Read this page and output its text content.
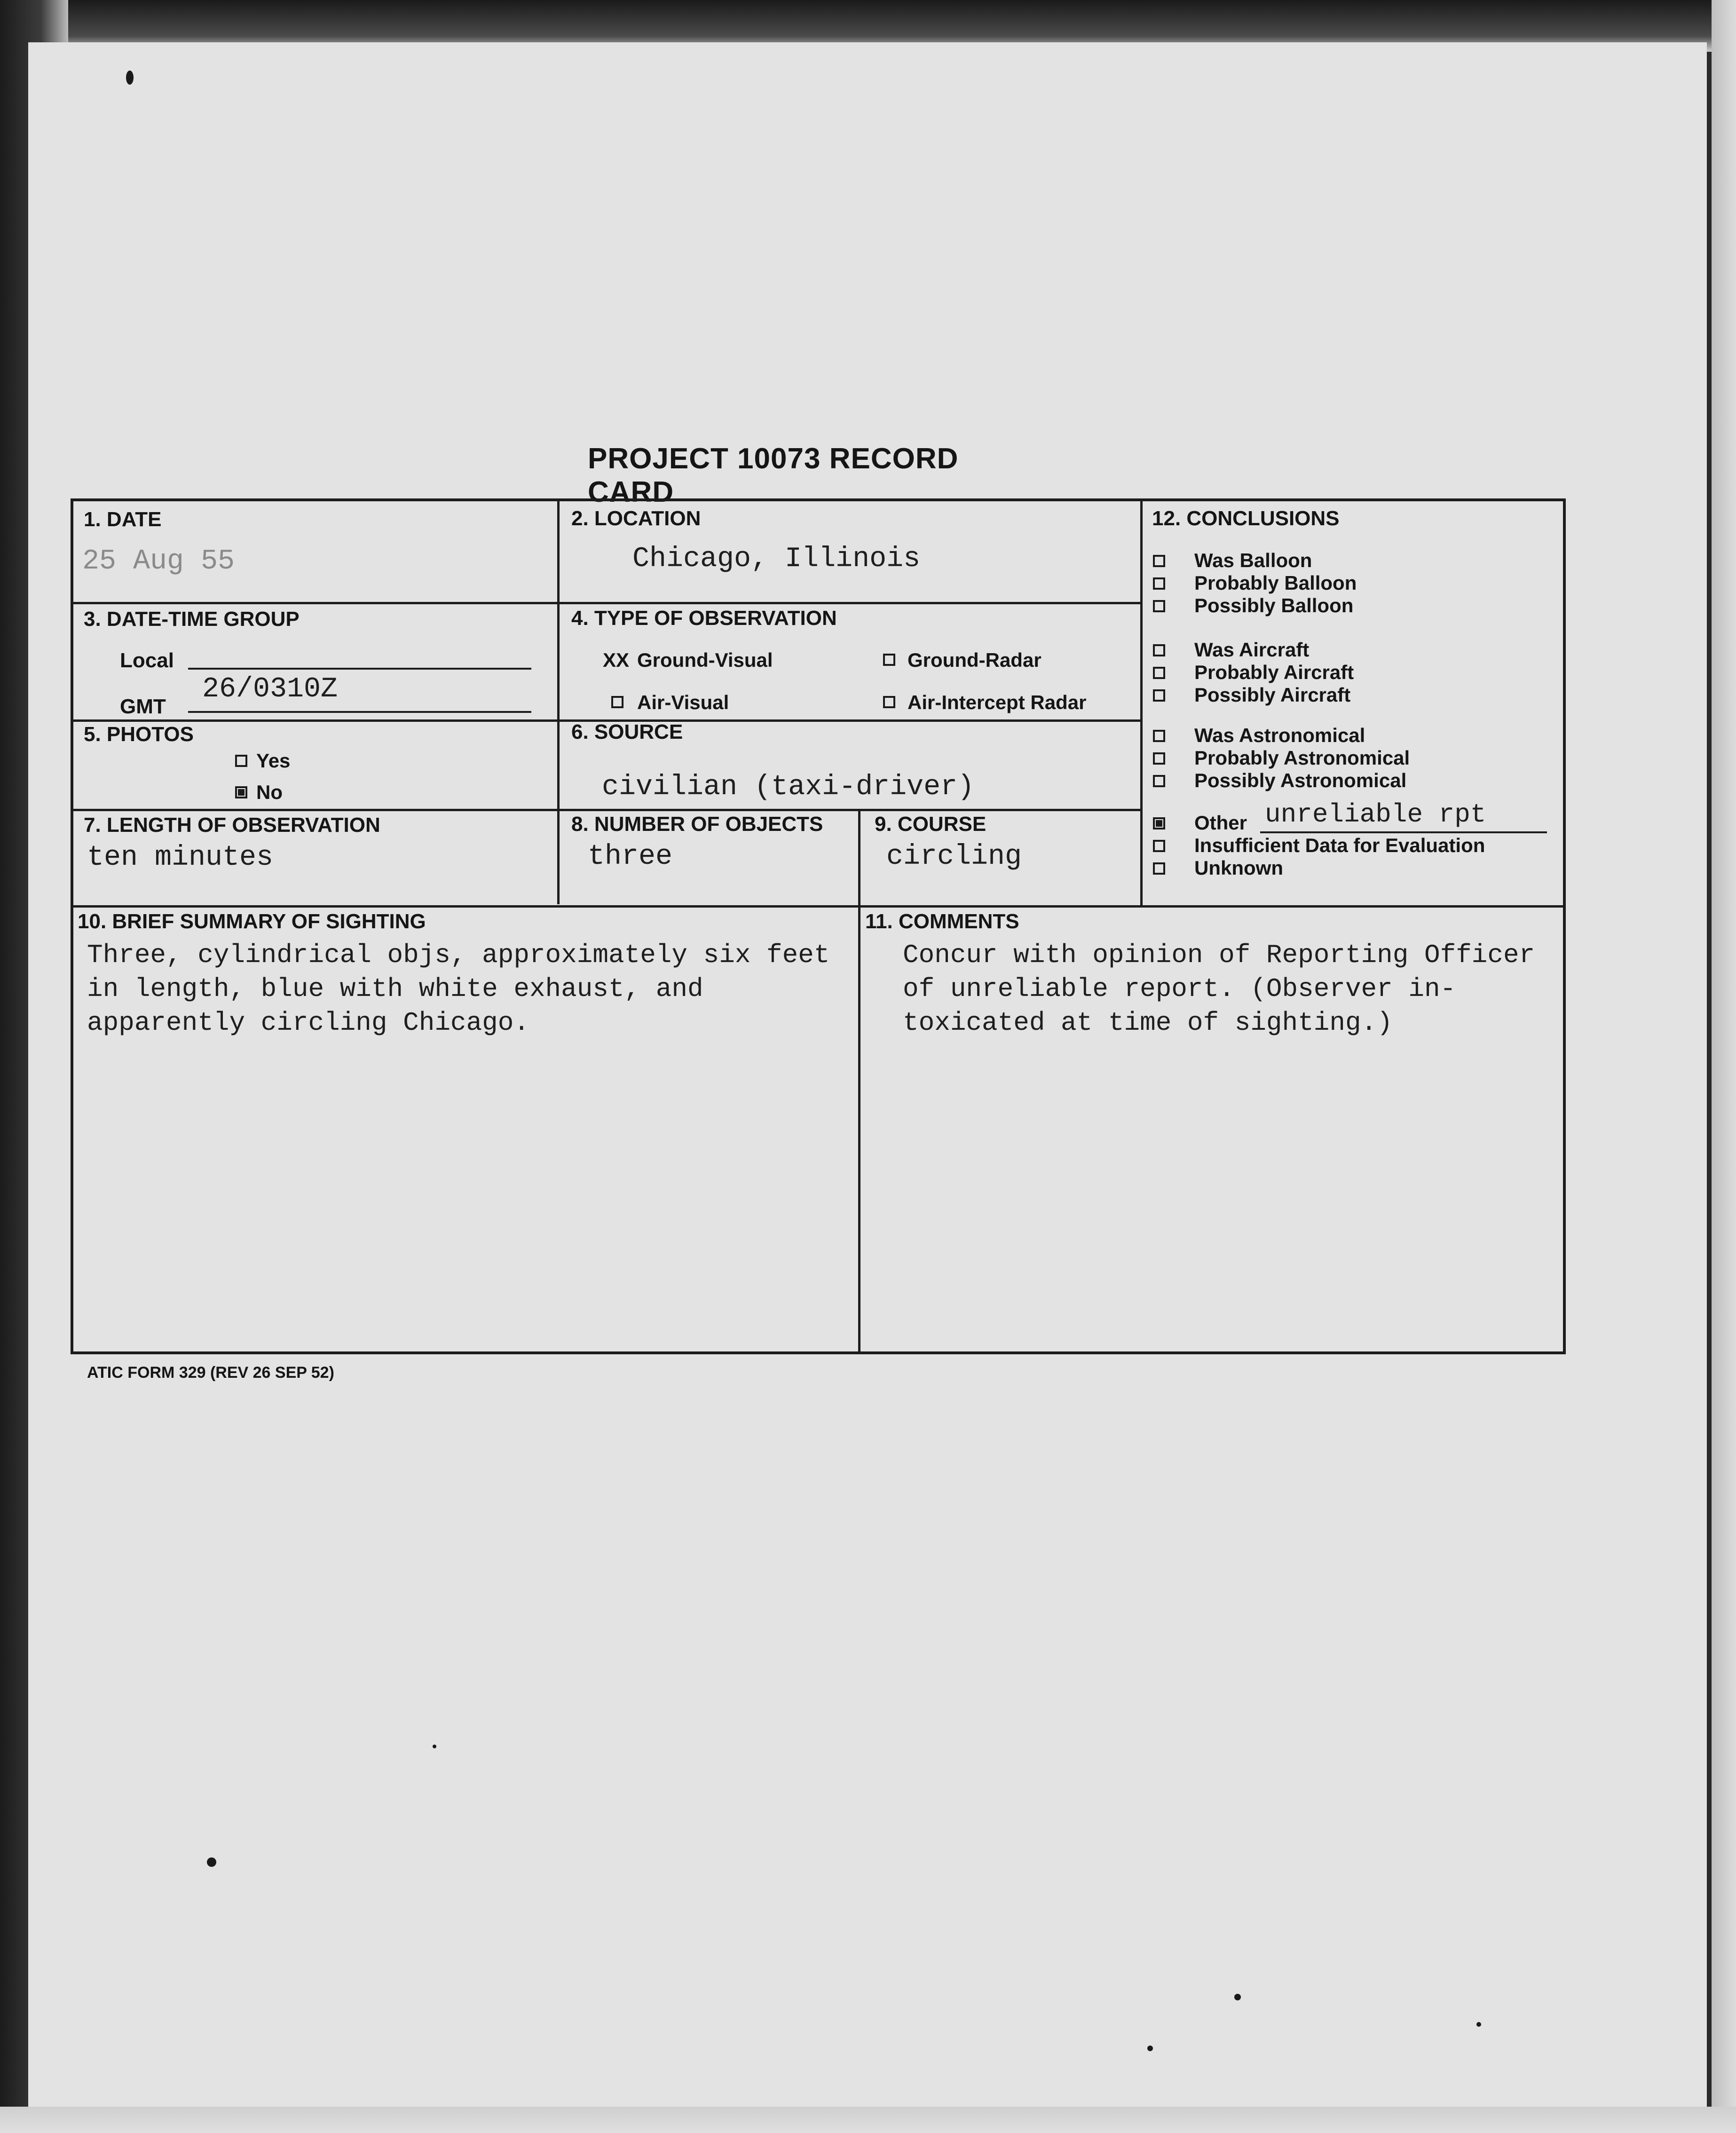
PROJECT 10073 RECORD CARD
1. DATE
25 Aug 55
2. LOCATION
Chicago, Illinois
3. DATE-TIME GROUP
Local
GMT
26/0310Z
4. TYPE OF OBSERVATION
XX Ground-Visual	Ground-Radar
Air-Visual	Air-Intercept Radar
5. PHOTOS
Yes
No
6. SOURCE
civilian (taxi-driver)
7. LENGTH OF OBSERVATION
ten minutes
8. NUMBER OF OBJECTS
three
9. COURSE
circling
10. BRIEF SUMMARY OF SIGHTING
Three, cylindrical objs, approximately six feet
in length, blue with white exhaust, and
apparently circling Chicago.
11. COMMENTS
Concur with opinion of Reporting Officer
of unreliable report. (Observer in-
toxicated at time of sighting.)
12. CONCLUSIONS
Was Balloon
Probably Balloon
Possibly Balloon
Was Aircraft
Probably Aircraft
Possibly Aircraft
Was Astronomical
Probably Astronomical
Possibly Astronomical
Other unreliable rpt
Insufficient Data for Evaluation
Unknown
ATIC FORM 329 (REV 26 SEP 52)
